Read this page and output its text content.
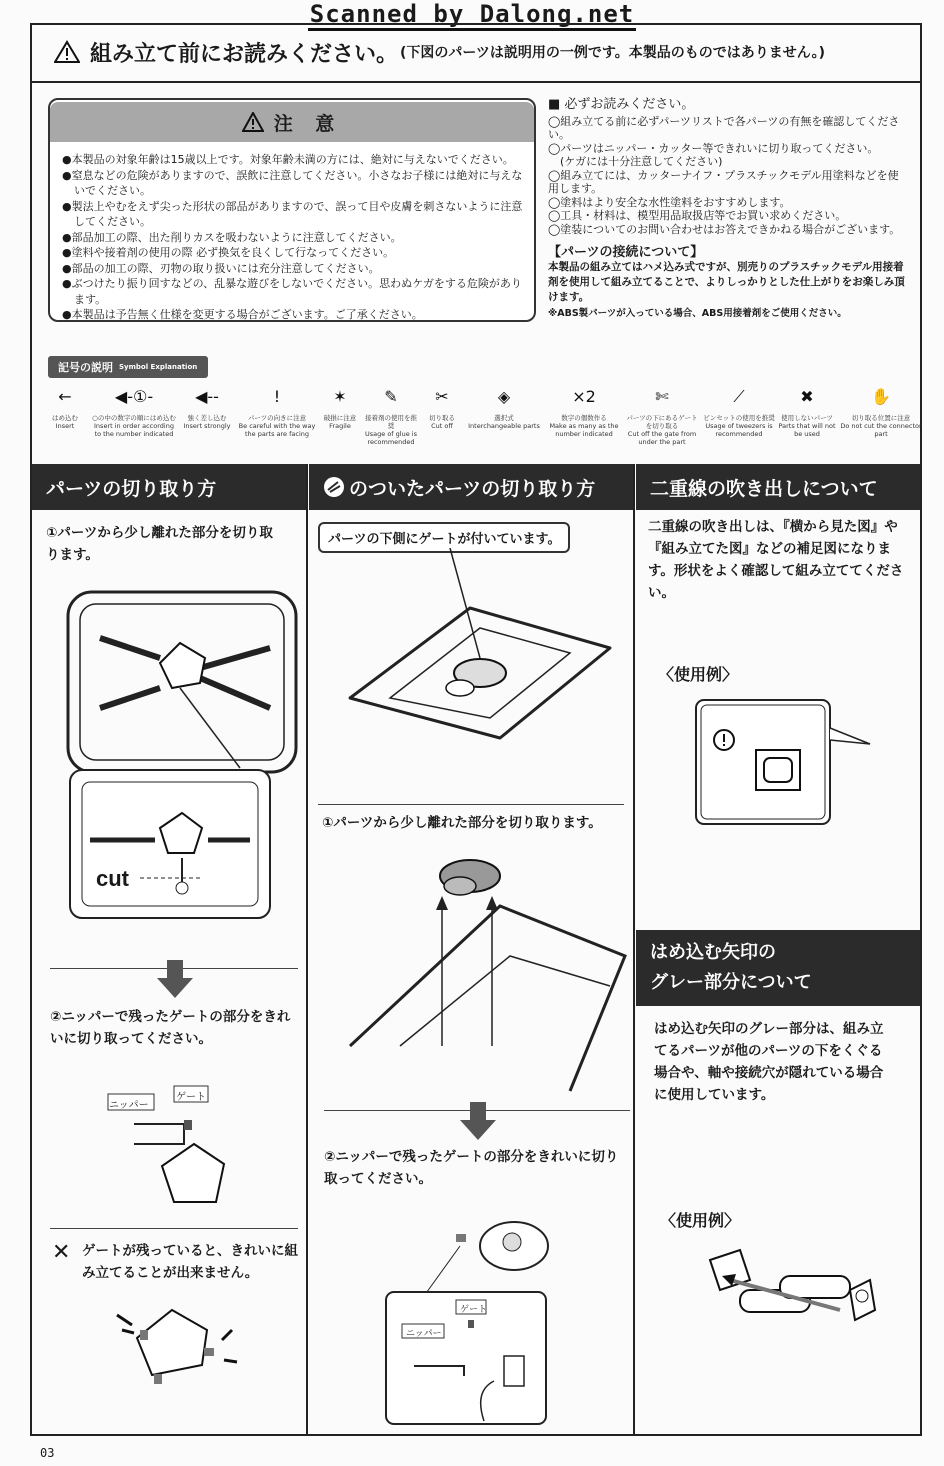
Scanned by Dalong.net
組み立て前にお読みください。 (下図のパーツは説明用の一例です。本製品のものではありません。)
注 意
●本製品の対象年齢は15歳以上です。対象年齢未満の方には、絶対に与えないでください。
●窒息などの危険がありますので、誤飲に注意してください。小さなお子様には絶対に与えないでください。
●製法上やむをえず尖った形状の部品がありますので、誤って目や皮膚を刺さないように注意してください。
●部品加工の際、出た削りカスを吸わないように注意してください。
●塗料や接着剤の使用の際 必ず換気を良くして行なってください。
●部品の加工の際、刃物の取り扱いには充分注意してください。
●ぶつけたり振り回すなどの、乱暴な遊びをしないでください。思わぬケガをする危険があります。
●本製品は予告無く仕様を変更する場合がございます。ご了承ください。
■ 必ずお読みください。
◯組み立てる前に必ずパーツリストで各パーツの有無を確認してください。
◯パーツはニッパー・カッター等できれいに切り取ってください。
(ケガには十分注意してください)
◯組み立てには、カッターナイフ・プラスチックモデル用塗料などを使用します。
◯塗料はより安全な水性塗料をおすすめします。
◯工具・材料は、模型用品取扱店等でお買い求めください。
◯塗装についてのお問い合わせはお答えできかねる場合がございます。
【パーツの接続について】
本製品の組み立てはハメ込み式ですが、別売りのプラスチックモデル用接着剤を使用して組み立てることで、よりしっかりとした仕上がりをお楽しみ頂けます。
※ABS製パーツが入っている場合、ABS用接着剤をご使用ください。
記号の説明 Symbol Explanation
←
はめ込む
Insert
◀-①-
○の中の数字の順にはめ込む
Insert in order according to the number indicated
◀--
強く差し込む
Insert strongly
!
パーツの向きに注意
Be careful with the way the parts are facing
✶
破損に注意
Fragile
✎
接着剤の使用を推奨
Usage of glue is recommended
✂
切り取る
Cut off
◈
選択式
Interchangeable parts
×2
数字の個数作る
Make as many as the number indicated
✄
パーツの下にあるゲートを切り取る
Cut off the gate from under the part
⟋
ピンセットの使用を推奨
Usage of tweezers is recommended
✖
使用しないパーツ
Parts that will not be used
✋
切り取る位置に注意
Do not cut the connector part
パーツの切り取り方	のついたパーツの切り取り方	二重線の吹き出しについて
①パーツから少し離れた部分を切り取ります。
cut
②ニッパーで残ったゲートの部分をきれいに切り取ってください。
ニッパー
ゲート
✕ ゲートが残っていると、きれいに組み立てることが出来ません。
パーツの下側にゲートが付いています。
①パーツから少し離れた部分を切り取ります。
②ニッパーで残ったゲートの部分をきれいに切り取ってください。
ゲート
ニッパー
二重線の吹き出しは、『横から見た図』や『組み立てた図』などの補足図になります。形状をよく確認して組み立ててください。
〈使用例〉
はめ込む矢印の
グレー部分について
はめ込む矢印のグレー部分は、組み立てるパーツが他のパーツの下をくぐる場合や、軸や接続穴が隠れている場合に使用しています。
〈使用例〉
03
